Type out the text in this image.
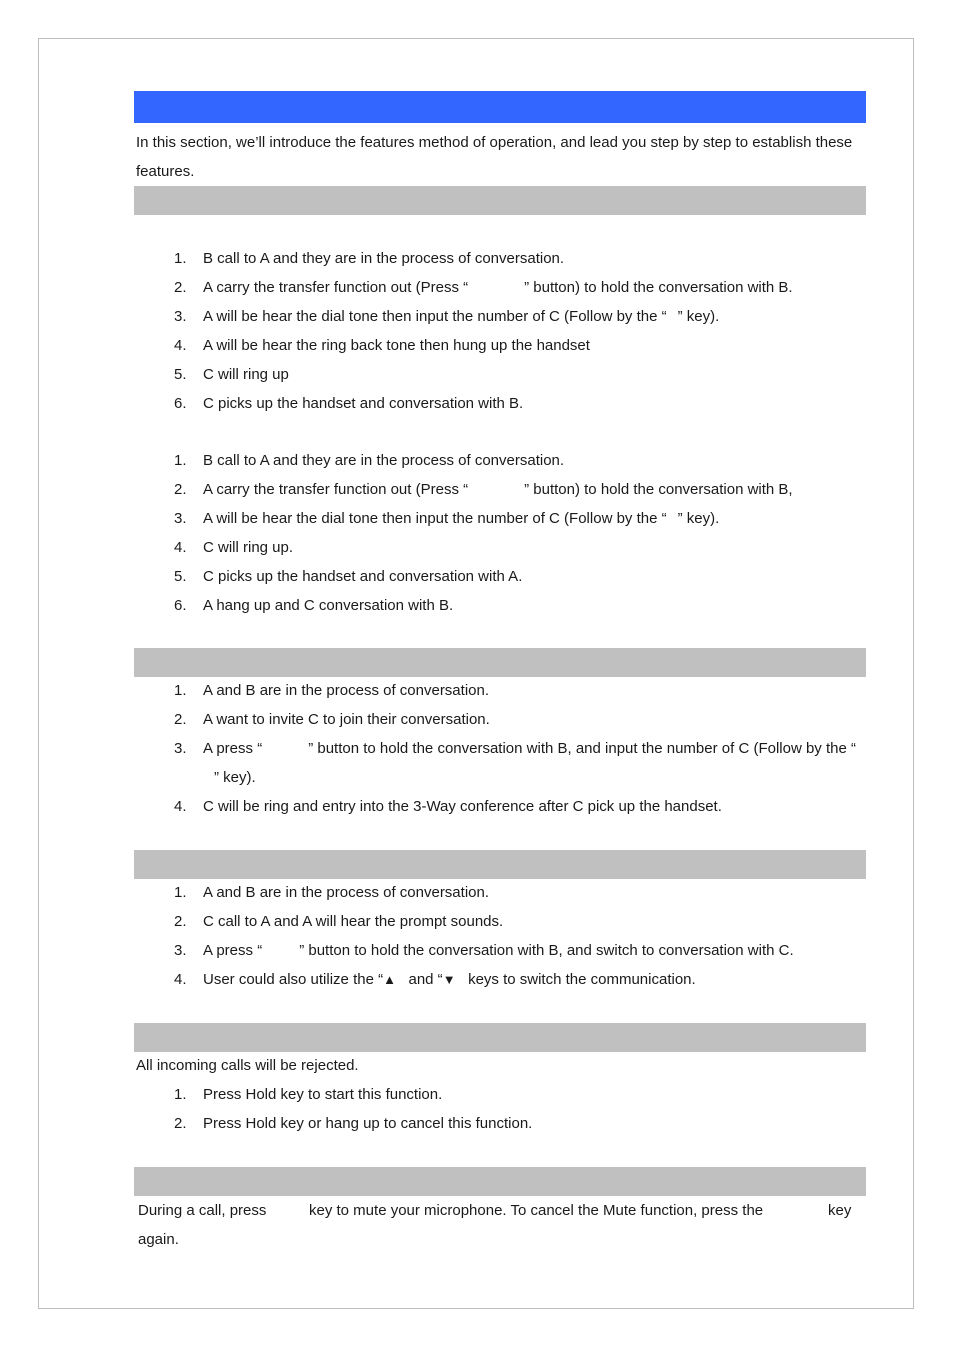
In this section, we’ll introduce the features method of operation, and lead you step by step to establish these features.
1. B call to A and they are in the process of conversation.
2. A carry the transfer function out (Press “	” button) to hold the conversation with B.
3. A will be hear the dial tone then input the number of C (Follow by the “ ” key).
4. A will be hear the ring back tone then hung up the handset
5. C will ring up
6. C picks up the handset and conversation with B.
1. B call to A and they are in the process of conversation.
2. A carry the transfer function out (Press “	” button) to hold the conversation with B,
3. A will be hear the dial tone then input the number of C (Follow by the “ ” key).
4. C will ring up.
5. C picks up the handset and conversation with A.
6. A hang up and C conversation with B.
1. A and B are in the process of conversation.
2. A want to invite C to join their conversation.
3. A press “	” button to hold the conversation with B, and input the number of C (Follow by the “” key).
4. C will be ring and entry into the 3-Way conference after C pick up the handset.
1. A and B are in the process of conversation.
2. C call to A and A will hear the prompt sounds.
3. A press “ ” button to hold the conversation with B, and switch to conversation with C.
4. User could also utilize the “▲ and “▼ keys to switch the communication.
All incoming calls will be rejected.
1. Press Hold key to start this function.
2. Press Hold key or hang up to cancel this function.
During a call, press	key to mute your microphone. To cancel the Mute function, press the	key
again.
